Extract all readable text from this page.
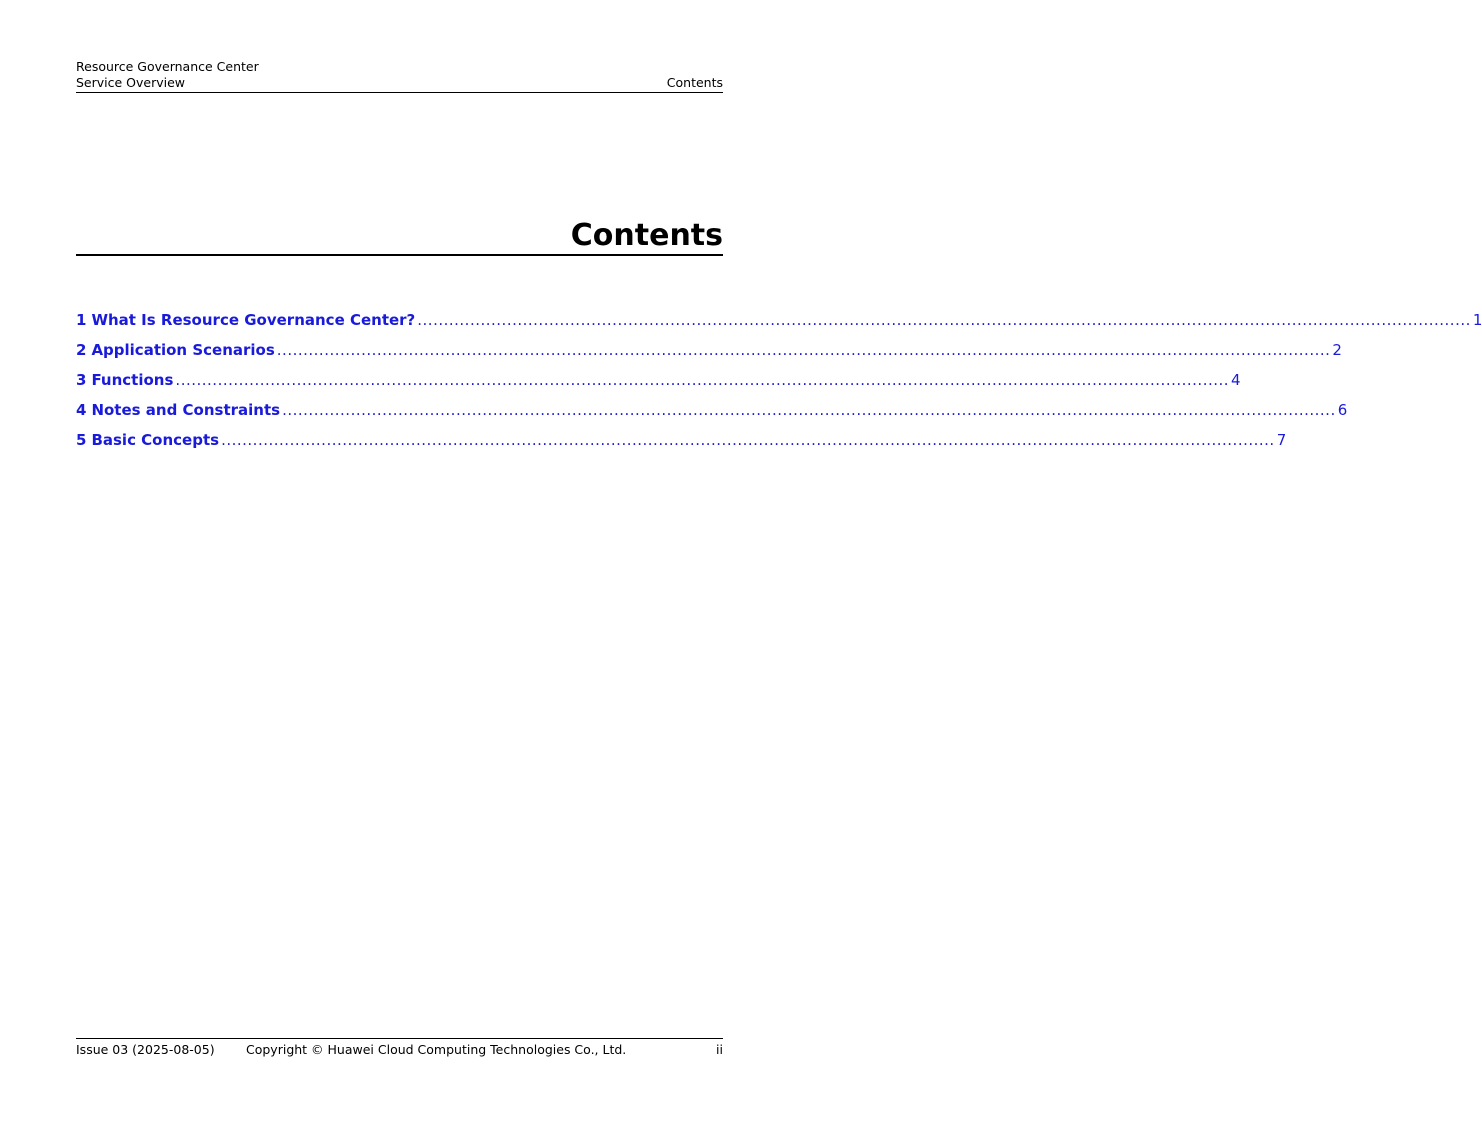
Resource Governance Center
Service Overview	Contents
Contents
1 What Is Resource Governance Center? ........................................................................................................................................................................................................ 1
2 Application Scenarios ........................................................................................................................................................................................................ 2
3 Functions ........................................................................................................................................................................................................ 4
4 Notes and Constraints ........................................................................................................................................................................................................ 6
5 Basic Concepts ........................................................................................................................................................................................................ 7
Issue 03 (2025-08-05)	Copyright © Huawei Cloud Computing Technologies Co., Ltd.	ii
